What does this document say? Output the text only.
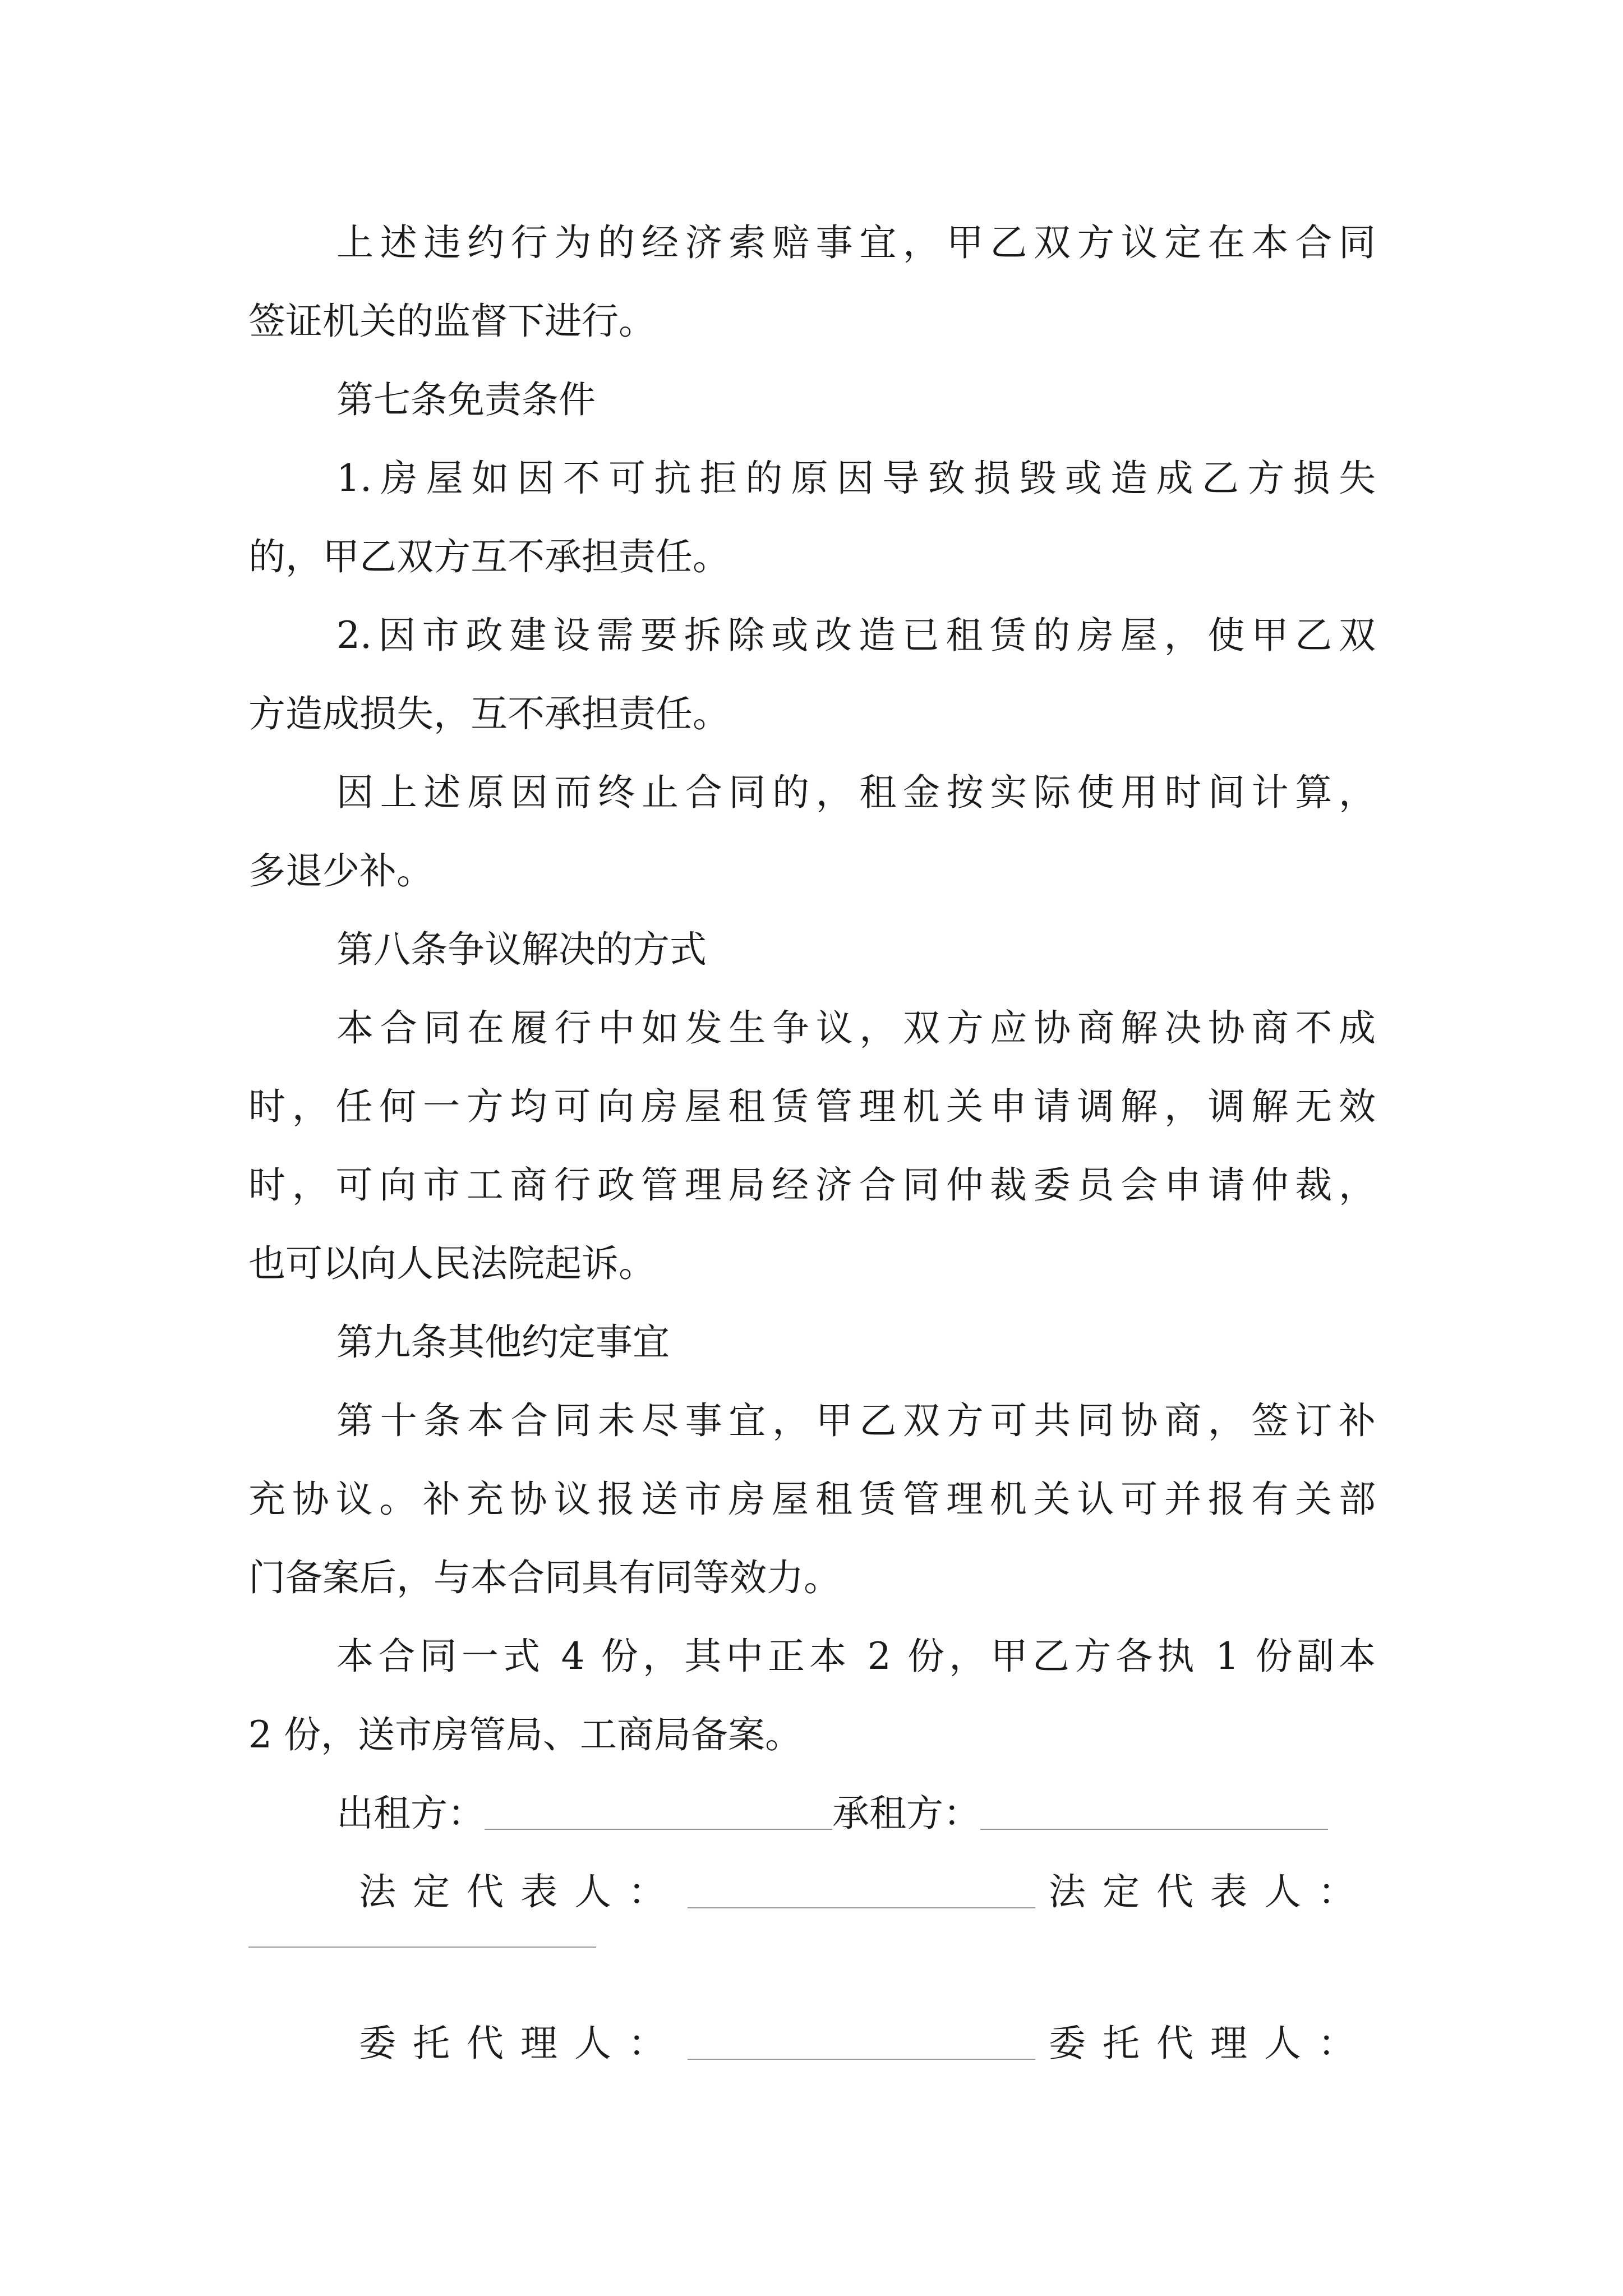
上述违约行为的经济索赔事宜，甲乙双方议定在本合同
签证机关的监督下进行。
第七条免责条件
1.房屋如因不可抗拒的原因导致损毁或造成乙方损失
的，甲乙双方互不承担责任。
2.因市政建设需要拆除或改造已租赁的房屋，使甲乙双
方造成损失，互不承担责任。
因上述原因而终止合同的，租金按实际使用时间计算，
多退少补。
第八条争议解决的方式
本合同在履行中如发生争议，双方应协商解决协商不成
时，任何一方均可向房屋租赁管理机关申请调解，调解无效
时，可向市工商行政管理局经济合同仲裁委员会申请仲裁，
也可以向人民法院起诉。
第九条其他约定事宜
第十条本合同未尽事宜，甲乙双方可共同协商，签订补
充协议。补充协议报送市房屋租赁管理机关认可并报有关部
门备案后，与本合同具有同等效力。
本合同一式 4 份，其中正本 2 份，甲乙方各执 1 份副本
2 份，送市房管局、工商局备案。
出租方：	承租方：
法定代表人：	法定代表人：
委托代理人：	委托代理人：
